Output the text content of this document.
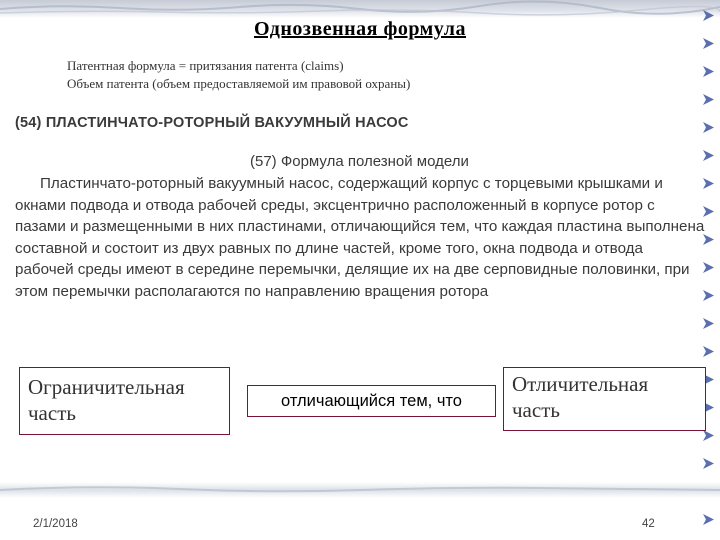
Однозвенная формула
Патентная формула = притязания патента (claims)
Объем патента (объем предоставляемой им правовой охраны)
(54) ПЛАСТИНЧАТО-РОТОРНЫЙ ВАКУУМНЫЙ НАСОС
(57) Формула полезной модели
Пластинчато-роторный вакуумный насос, содержащий корпус с торцевыми крышками и окнами подвода и отвода рабочей среды, эксцентрично расположенный в корпусе ротор с пазами и размещенными в них пластинами, отличающийся тем, что каждая пластина выполнена составной и состоит из двух равных по длине частей, кроме того, окна подвода и отвода рабочей среды имеют в середине перемычки, делящие их на две серповидные половинки, при этом перемычки располагаются по направлению вращения ротора
Ограничительная часть	отличающийся тем, что
Отличительная часть
2/1/2018	42
